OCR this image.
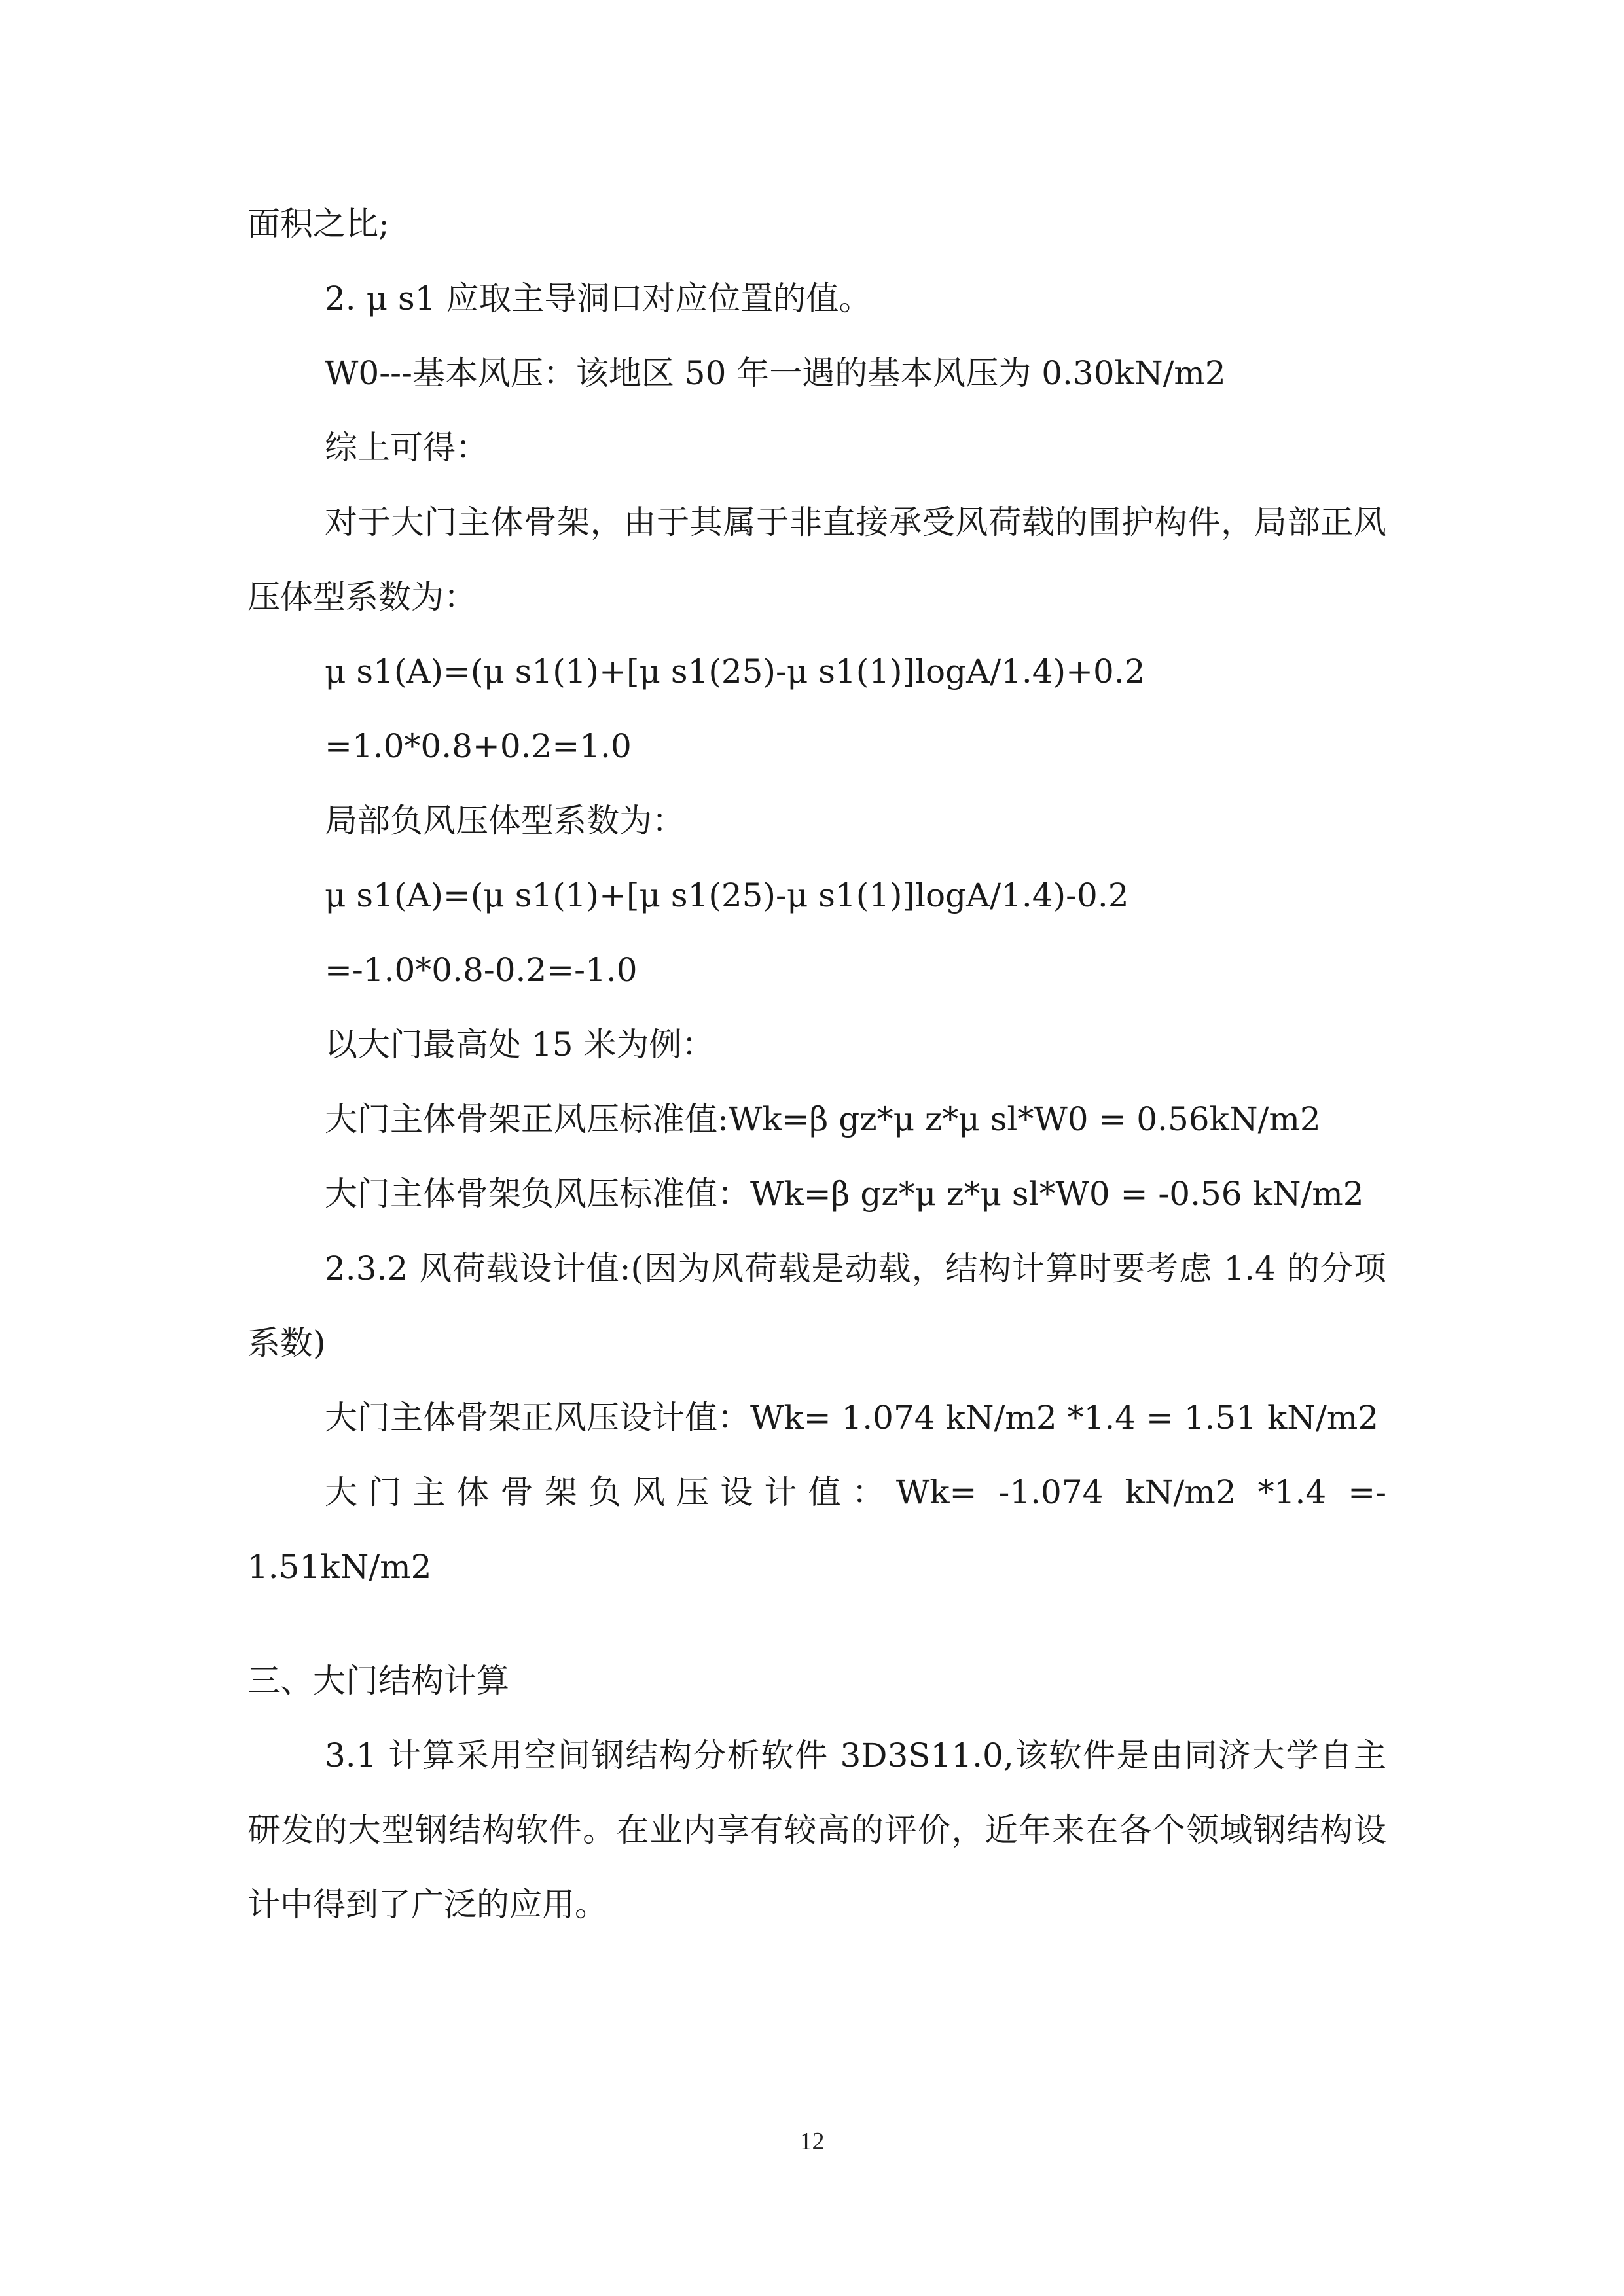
面积之比;

2. μ s1 应取主导洞口对应位置的值。

W0---基本风压：该地区 50 年一遇的基本风压为 0.30kN/m2

综上可得：

对于大门主体骨架，由于其属于非直接承受风荷载的围护构件，局部正风压体型系数为：

μ s1(A)=(μ s1(1)+[μ s1(25)-μ s1(1)]logA/1.4)+0.2

=1.0*0.8+0.2=1.0

局部负风压体型系数为：

μ s1(A)=(μ s1(1)+[μ s1(25)-μ s1(1)]logA/1.4)-0.2

=-1.0*0.8-0.2=-1.0

以大门最高处 15 米为例：

大门主体骨架正风压标准值:Wk=β gz*μ z*μ sl*W0 = 0.56kN/m2

大门主体骨架负风压标准值：Wk=β gz*μ z*μ sl*W0 = -0.56 kN/m2

2.3.2 风荷载设计值:(因为风荷载是动载，结构计算时要考虑 1.4 的分项系数)

大门主体骨架正风压设计值：Wk= 1.074 kN/m2 *1.4 = 1.51 kN/m2

大门主体骨架负风压设计值：Wk= -1.074 kN/m2 *1.4 =- 1.51kN/m2

三、大门结构计算

3.1 计算采用空间钢结构分析软件 3D3S11.0,该软件是由同济大学自主研发的大型钢结构软件。在业内享有较高的评价，近年来在各个领域钢结构设计中得到了广泛的应用。

12
